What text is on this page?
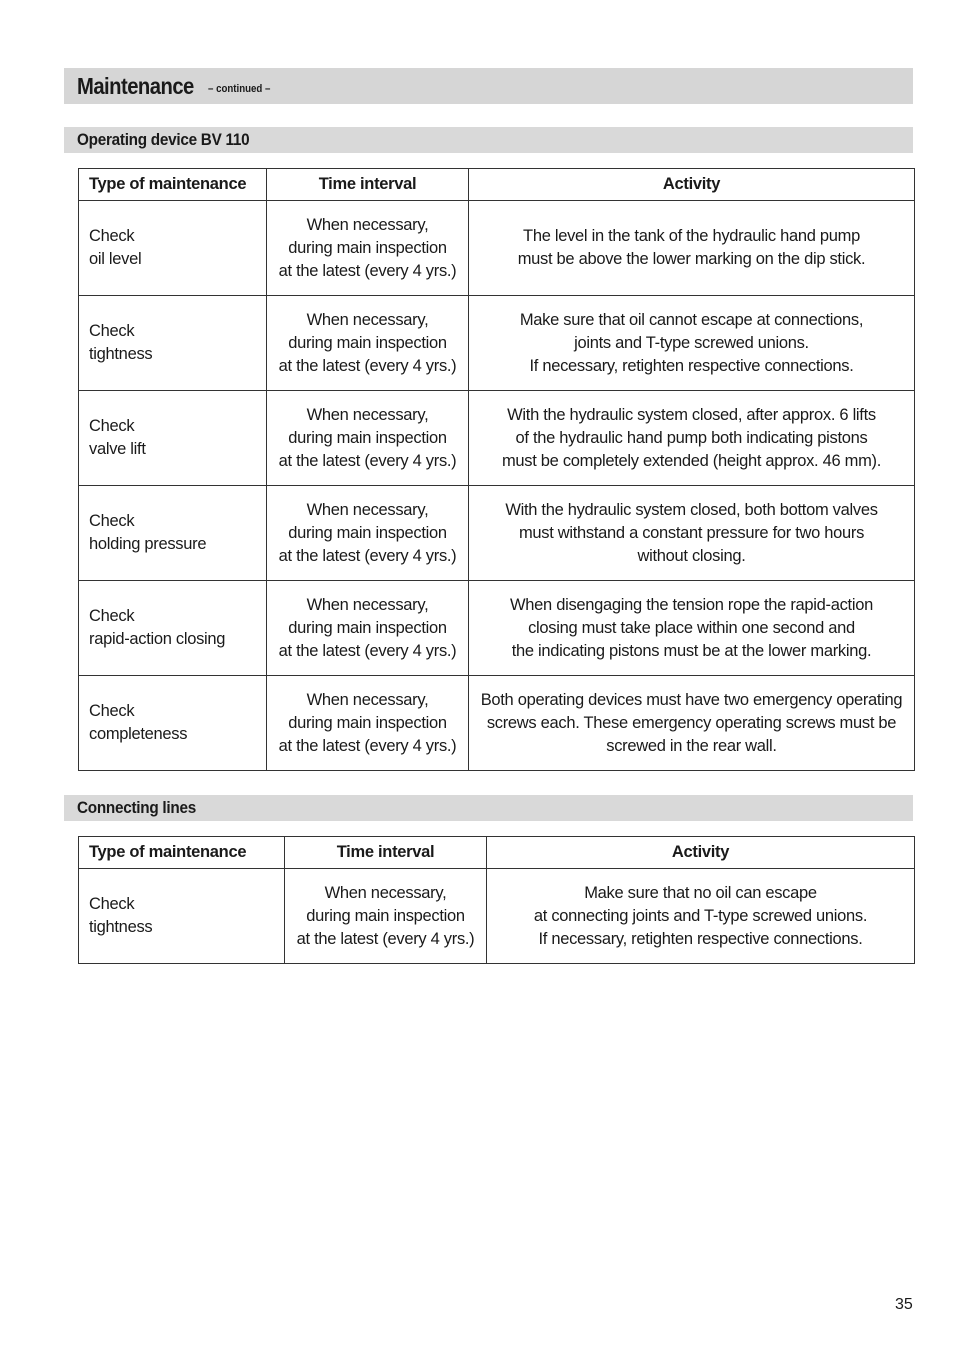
Maintenance – continued –
Operating device BV 110
Type of maintenance	Time interval	Activity

Check
oil level	When necessary,
during main inspection
at the latest (every 4 yrs.)	The level in the tank of the hydraulic hand pump
must be above the lower marking on the dip stick.

Check
tightness	When necessary,
during main inspection
at the latest (every 4 yrs.)	Make sure that oil cannot escape at connections,
joints and T-type screwed unions.
If necessary, retighten respective connections.

Check
valve lift	When necessary,
during main inspection
at the latest (every 4 yrs.)	With the hydraulic system closed, after approx. 6 lifts
of the hydraulic hand pump both indicating pistons
must be completely extended (height approx. 46 mm).

Check
holding pressure	When necessary,
during main inspection
at the latest (every 4 yrs.)	With the hydraulic system closed, both bottom valves
must withstand a constant pressure for two hours
without closing.

Check
rapid-action closing	When necessary,
during main inspection
at the latest (every 4 yrs.)	When disengaging the tension rope the rapid-action
closing must take place within one second and
the indicating pistons must be at the lower marking.

Check
completeness	When necessary,
during main inspection
at the latest (every 4 yrs.)	Both operating devices must have two emergency operating
screws each. These emergency operating screws must be
screwed in the rear wall.
Connecting lines
Type of maintenance	Time interval	Activity

Check
tightness	When necessary,
during main inspection
at the latest (every 4 yrs.)	Make sure that no oil can escape
at connecting joints and T-type screwed unions.
If necessary, retighten respective connections.
35
